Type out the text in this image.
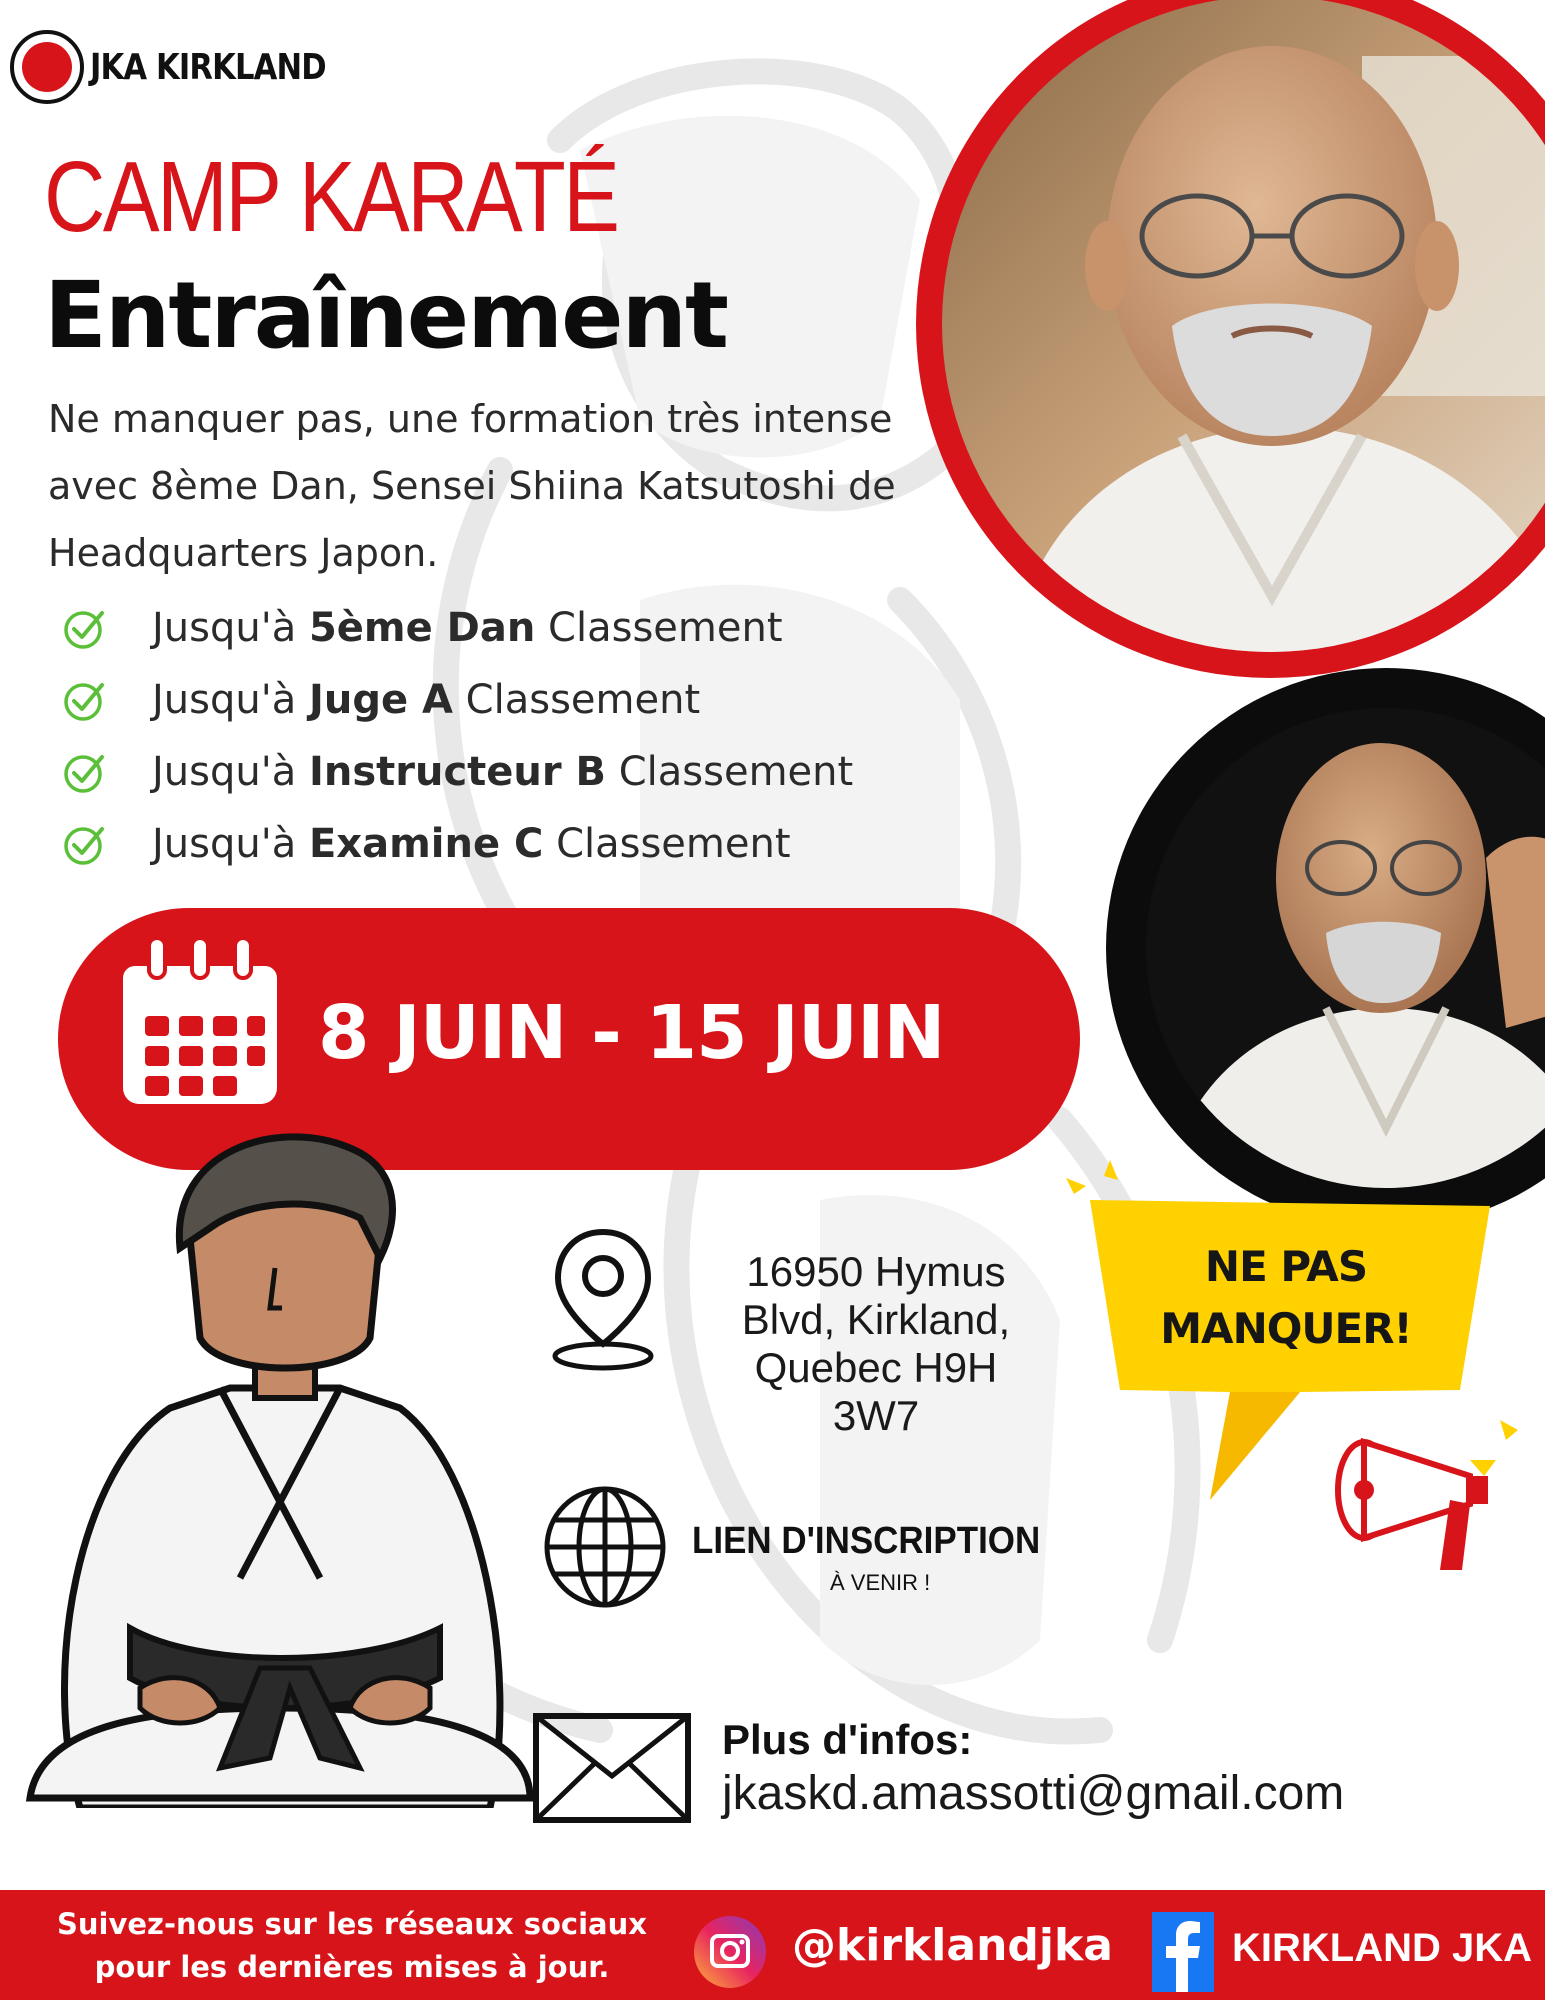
JKA KIRKLAND
CAMP KARATÉ
Entraînement
Ne manquer pas, une formation très intense avec 8ème Dan, Sensei Shiina Katsutoshi de Headquarters Japon.
Jusqu'à 5ème Dan Classement
Jusqu'à Juge A Classement
Jusqu'à Instructeur B Classement
Jusqu'à Examine C Classement
8 JUIN - 15 JUIN
16950 Hymus
Blvd, Kirkland,
Quebec H9H
3W7
LIEN D'INSCRIPTION
À VENIR !
Plus d'infos:
jkaskd.amassotti@gmail.com
NE PAS
MANQUER!
Suivez-nous sur les réseaux sociaux
pour les dernières mises à jour.	@kirklandjka	KIRKLAND JKA
